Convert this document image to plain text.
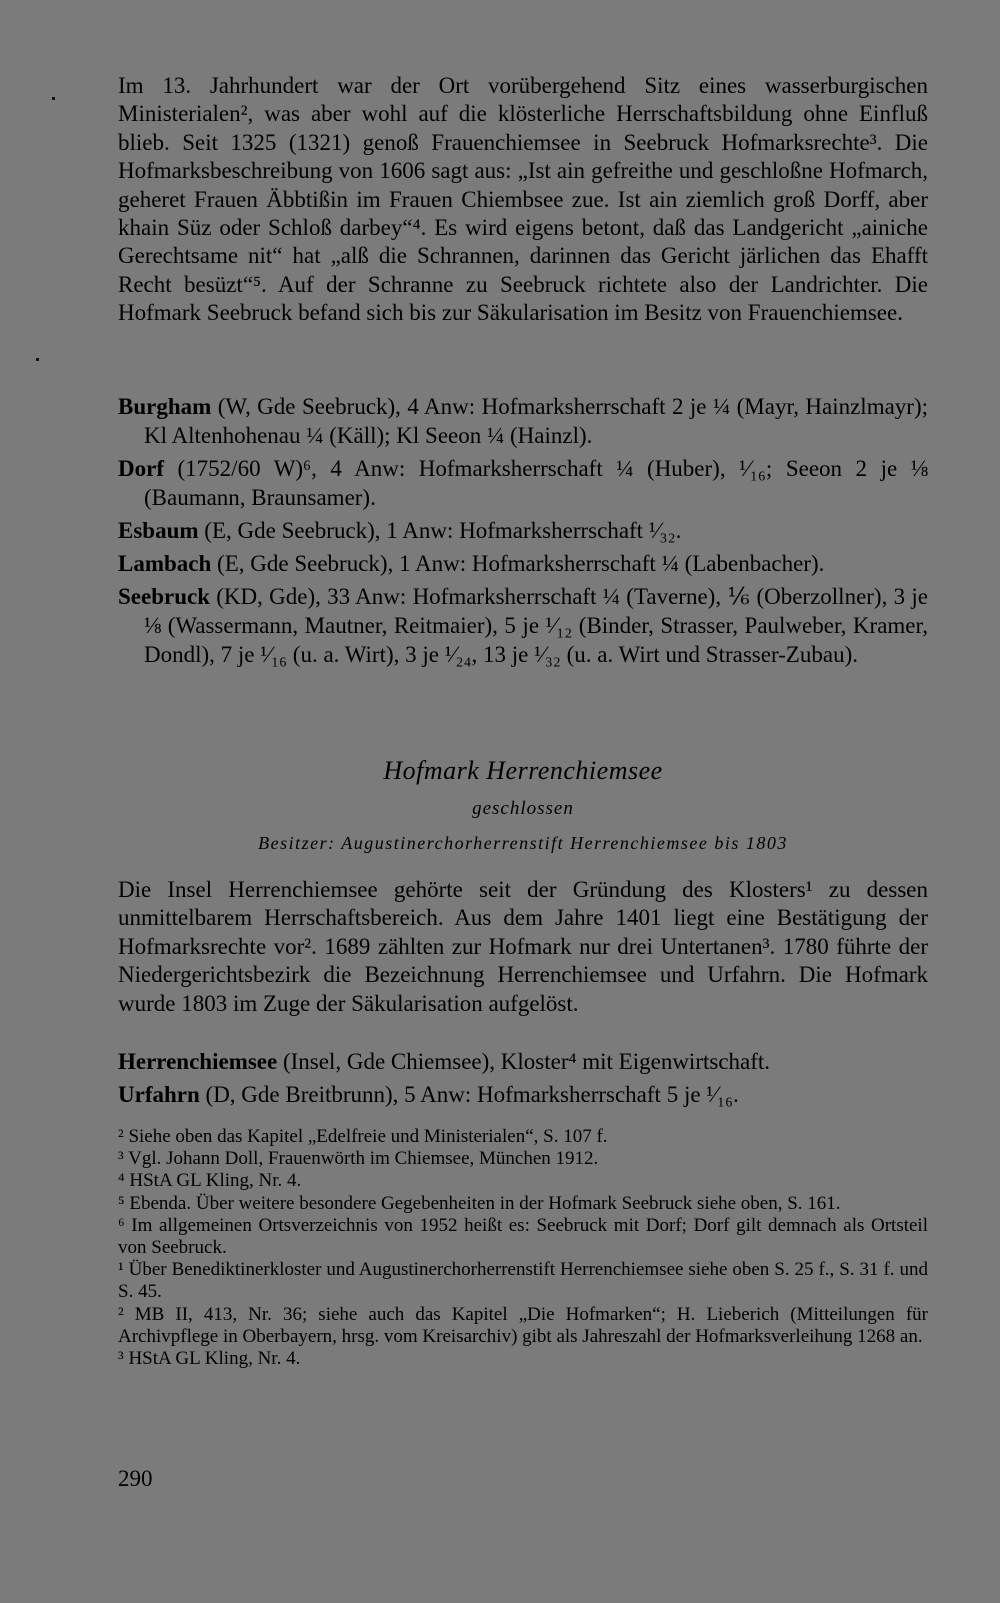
Im 13. Jahrhundert war der Ort vorübergehend Sitz eines wasserburgischen Ministerialen², was aber wohl auf die klösterliche Herrschaftsbildung ohne Einfluß blieb. Seit 1325 (1321) genoß Frauenchiemsee in Seebruck Hofmarksrechte³. Die Hofmarksbeschreibung von 1606 sagt aus: „Ist ain gefreithe und geschloßne Hofmarch, geheret Frauen Äbbtißin im Frauen Chiembsee zue. Ist ain ziemlich groß Dorff, aber khain Süz oder Schloß darbey“⁴. Es wird eigens betont, daß das Landgericht „ainiche Gerechtsame nit“ hat „alß die Schrannen, darinnen das Gericht järlichen das Ehafft Recht besüzt“⁵. Auf der Schranne zu Seebruck richtete also der Landrichter. Die Hofmark Seebruck befand sich bis zur Säkularisation im Besitz von Frauenchiemsee.

Burgham (W, Gde Seebruck), 4 Anw: Hofmarksherrschaft 2 je ¼ (Mayr, Hainzlmayr); Kl Altenhohenau ¼ (Käll); Kl Seeon ¼ (Hainzl).

Dorf (1752/60 W)⁶, 4 Anw: Hofmarksherrschaft ¼ (Huber), ¹⁄₁₆; Seeon 2 je ⅛ (Baumann, Braunsamer).

Esbaum (E, Gde Seebruck), 1 Anw: Hofmarksherrschaft ¹⁄₃₂.

Lambach (E, Gde Seebruck), 1 Anw: Hofmarksherrschaft ¼ (Labenbacher).

Seebruck (KD, Gde), 33 Anw: Hofmarksherrschaft ¼ (Taverne), ⅙ (Oberzollner), 3 je ⅛ (Wassermann, Mautner, Reitmaier), 5 je ¹⁄₁₂ (Binder, Strasser, Paulweber, Kramer, Dondl), 7 je ¹⁄₁₆ (u. a. Wirt), 3 je ¹⁄₂₄, 13 je ¹⁄₃₂ (u. a. Wirt und Strasser-Zubau).

Hofmark Herrenchiemsee
geschlossen
Besitzer: Augustinerchorherrenstift Herrenchiemsee bis 1803

Die Insel Herrenchiemsee gehörte seit der Gründung des Klosters¹ zu dessen unmittelbarem Herrschaftsbereich. Aus dem Jahre 1401 liegt eine Bestätigung der Hofmarksrechte vor². 1689 zählten zur Hofmark nur drei Untertanen³. 1780 führte der Niedergerichtsbezirk die Bezeichnung Herrenchiemsee und Urfahrn. Die Hofmark wurde 1803 im Zuge der Säkularisation aufgelöst.

Herrenchiemsee (Insel, Gde Chiemsee), Kloster⁴ mit Eigenwirtschaft.

Urfahrn (D, Gde Breitbrunn), 5 Anw: Hofmarksherrschaft 5 je ¹⁄₁₆.

² Siehe oben das Kapitel „Edelfreie und Ministerialen“, S. 107 f.

³ Vgl. Johann Doll, Frauenwörth im Chiemsee, München 1912.

⁴ HStA GL Kling, Nr. 4.

⁵ Ebenda. Über weitere besondere Gegebenheiten in der Hofmark Seebruck siehe oben, S. 161.

⁶ Im allgemeinen Ortsverzeichnis von 1952 heißt es: Seebruck mit Dorf; Dorf gilt demnach als Ortsteil von Seebruck.

¹ Über Benediktinerkloster und Augustinerchorherrenstift Herrenchiemsee siehe oben S. 25 f., S. 31 f. und S. 45.

² MB II, 413, Nr. 36; siehe auch das Kapitel „Die Hofmarken“; H. Lieberich (Mitteilungen für Archivpflege in Oberbayern, hrsg. vom Kreisarchiv) gibt als Jahreszahl der Hofmarksverleihung 1268 an.

³ HStA GL Kling, Nr. 4.

290
